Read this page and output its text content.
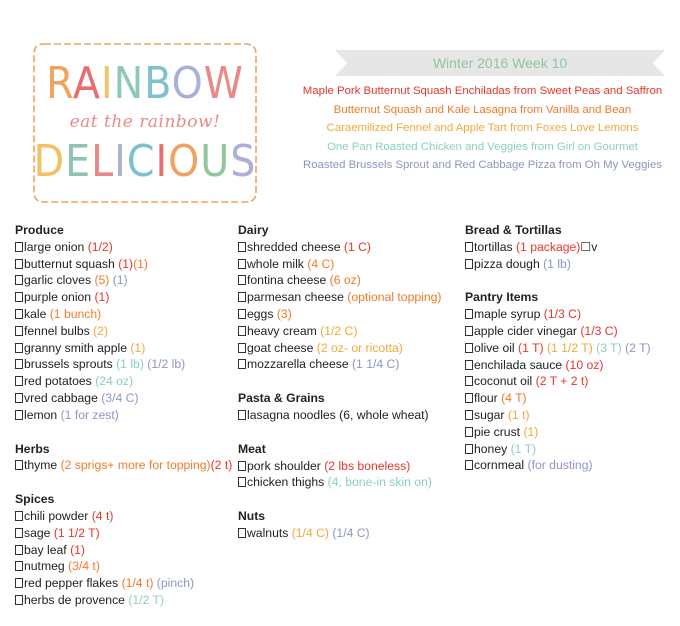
RAINBOW
eat the rainbow!
DELICIOUS
Winter 2016 Week 10
Maple Pork Butternut Squash Enchiladas from Sweet Peas and Saffron
Butternut Squash and Kale Lasagna from Vanilla and Bean
Caraemilized Fennel and Apple Tart from Foxes Love Lemons
One Pan Roasted Chicken and Veggies from Girl on Gourmet
Roasted Brussels Sprout and Red Cabbage Pizza from Oh My Veggies
Produce
large onion (1/2)
butternut squash (1)(1)
garlic cloves (5) (1)
purple onion (1)
kale (1 bunch)
fennel bulbs (2)
granny smith apple (1)
brussels sprouts (1 lb) (1/2 lb)
red potatoes (24 oz)
vred cabbage (3/4 C)
lemon (1 for zest)
Herbs
thyme (2 sprigs+ more for topping)(2 t)
Spices
chili powder (4 t)
sage (1 1/2 T)
bay leaf (1)
nutmeg (3/4 t)
red pepper flakes (1/4 t) (pinch)
herbs de provence (1/2 T)
Dairy
shredded cheese (1 C)
whole milk (4 C)
fontina cheese (6 oz)
parmesan cheese (optional topping)
eggs (3)
heavy cream (1/2 C)
goat cheese (2 oz- or ricotta)
mozzarella cheese (1 1/4 C)
Pasta & Grains
lasagna noodles (6, whole wheat)
Meat
pork shoulder (2 lbs boneless)
chicken thighs (4, bone-in skin on)
Nuts
walnuts (1/4 C) (1/4 C)
Bread & Tortillas
tortillas (1 package)☐v
pizza dough (1 lb)
Pantry Items
maple syrup (1/3 C)
apple cider vinegar (1/3 C)
olive oil (1 T) (1 1/2 T) (3 T) (2 T)
enchilada sauce (10 oz)
coconut oil (2 T + 2 t)
flour (4 T)
sugar (1 t)
pie crust (1)
honey (1 T)
cornmeal (for dusting)
